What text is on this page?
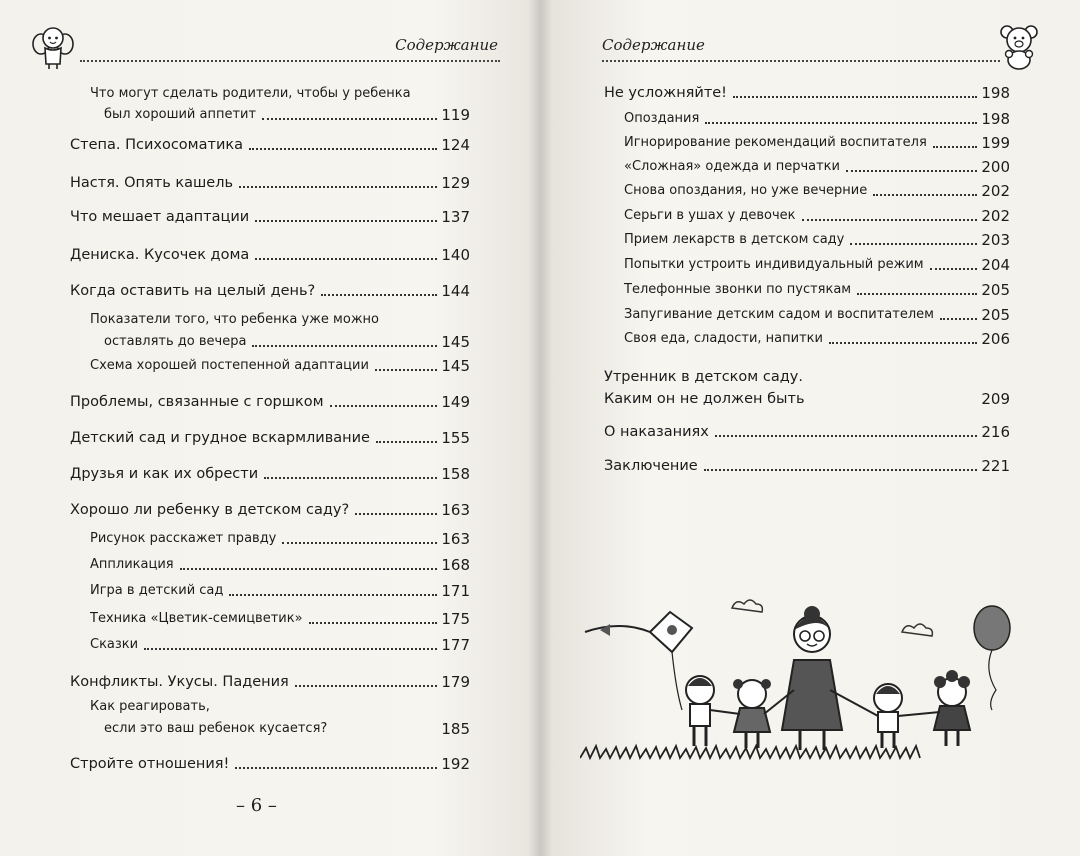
Содержание
Что могут сделать родители, чтобы у ребенка
был хороший аппетит	119
Степа. Психосоматика	124
Настя. Опять кашель	129
Что мешает адаптации	137
Дениска. Кусочек дома	140
Когда оставить на целый день?	144
Показатели того, что ребенка уже можно
оставлять до вечера	145
Схема хорошей постепенной адаптации	145
Проблемы, связанные с горшком	149
Детский сад и грудное вскармливание	155
Друзья и как их обрести	158
Хорошо ли ребенку в детском саду?	163
Рисунок расскажет правду	163
Аппликация	168
Игра в детский сад	171
Техника «Цветик-семицветик»	175
Сказки	177
Конфликты. Укусы. Падения	179
Как реагировать,
если это ваш ребенок кусается?	185
Стройте отношения!	192
– 6 –
Содержание
Не усложняйте!	198
Опоздания	198
Игнорирование рекомендаций воспитателя	199
«Сложная» одежда и перчатки	200
Снова опоздания, но уже вечерние	202
Серьги в ушах у девочек	202
Прием лекарств в детском саду	203
Попытки устроить индивидуальный режим	204
Телефонные звонки по пустякам	205
Запугивание детским садом и воспитателем	205
Своя еда, сладости, напитки	206
Утренник в детском саду.
Каким он не должен быть	209
О наказаниях	216
Заключение	221
